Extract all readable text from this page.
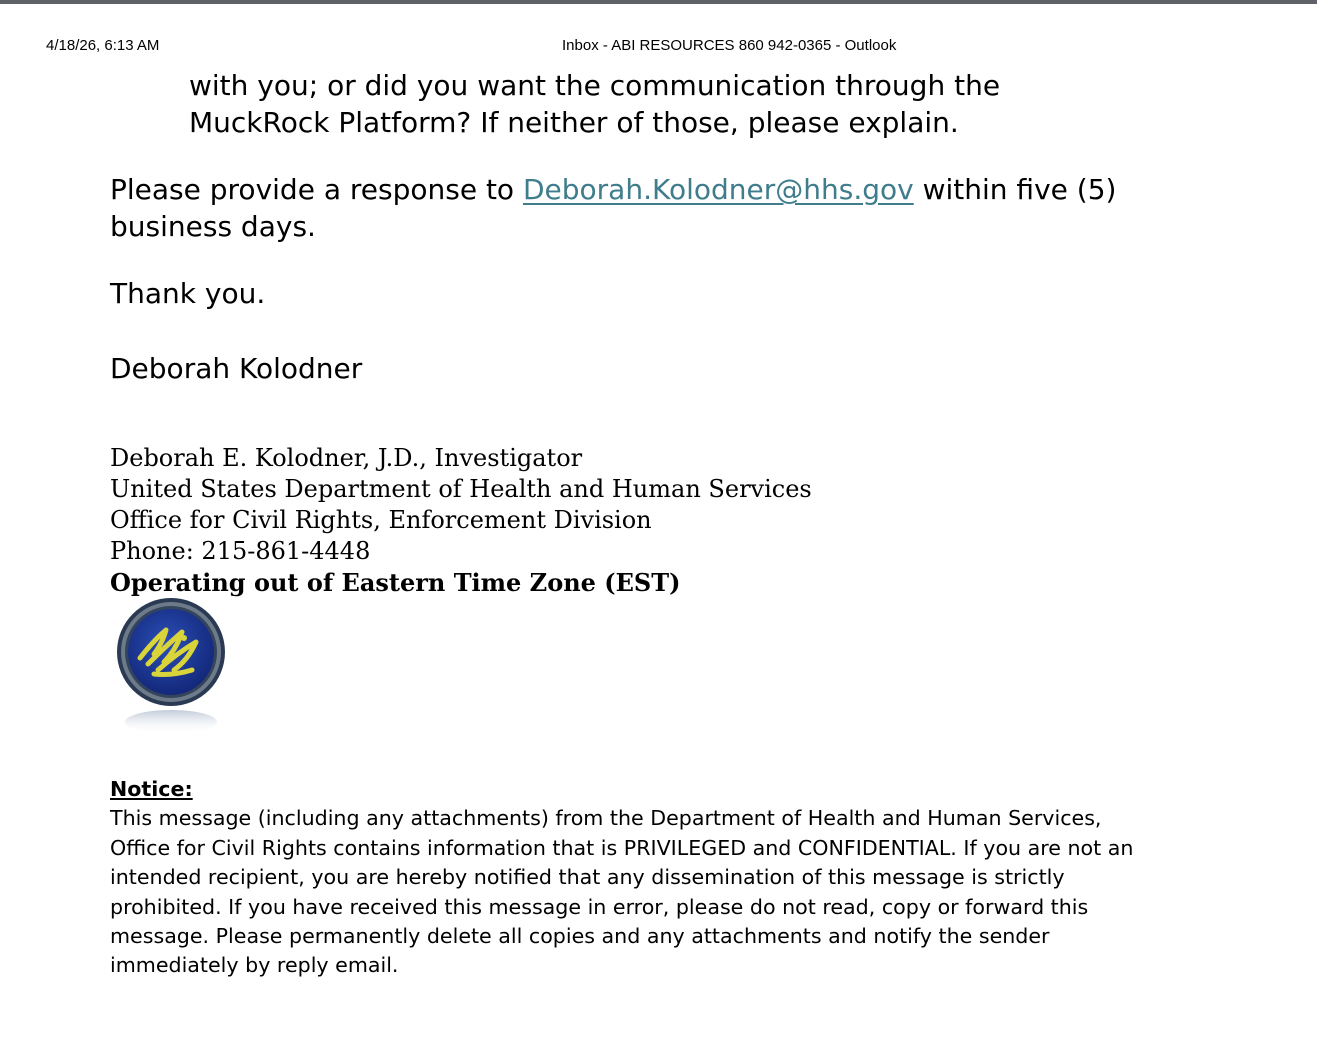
4/18/26, 6:13 AM	Inbox - ABI RESOURCES 860 942-0365 - Outlook
with you; or did you want the communication through the
MuckRock Platform? If neither of those, please explain.
Please provide a response to Deborah.Kolodner@hhs.gov within five (5)
business days.
Thank you.
Deborah Kolodner
Deborah E. Kolodner, J.D., Investigator
United States Department of Health and Human Services
Office for Civil Rights, Enforcement Division
Phone: 215-861-4448
Operating out of Eastern Time Zone (EST)
Notice:
This message (including any attachments) from the Department of Health and Human Services,
Office for Civil Rights contains information that is PRIVILEGED and CONFIDENTIAL. If you are not an
intended recipient, you are hereby notified that any dissemination of this message is strictly
prohibited. If you have received this message in error, please do not read, copy or forward this
message. Please permanently delete all copies and any attachments and notify the sender
immediately by reply email.
